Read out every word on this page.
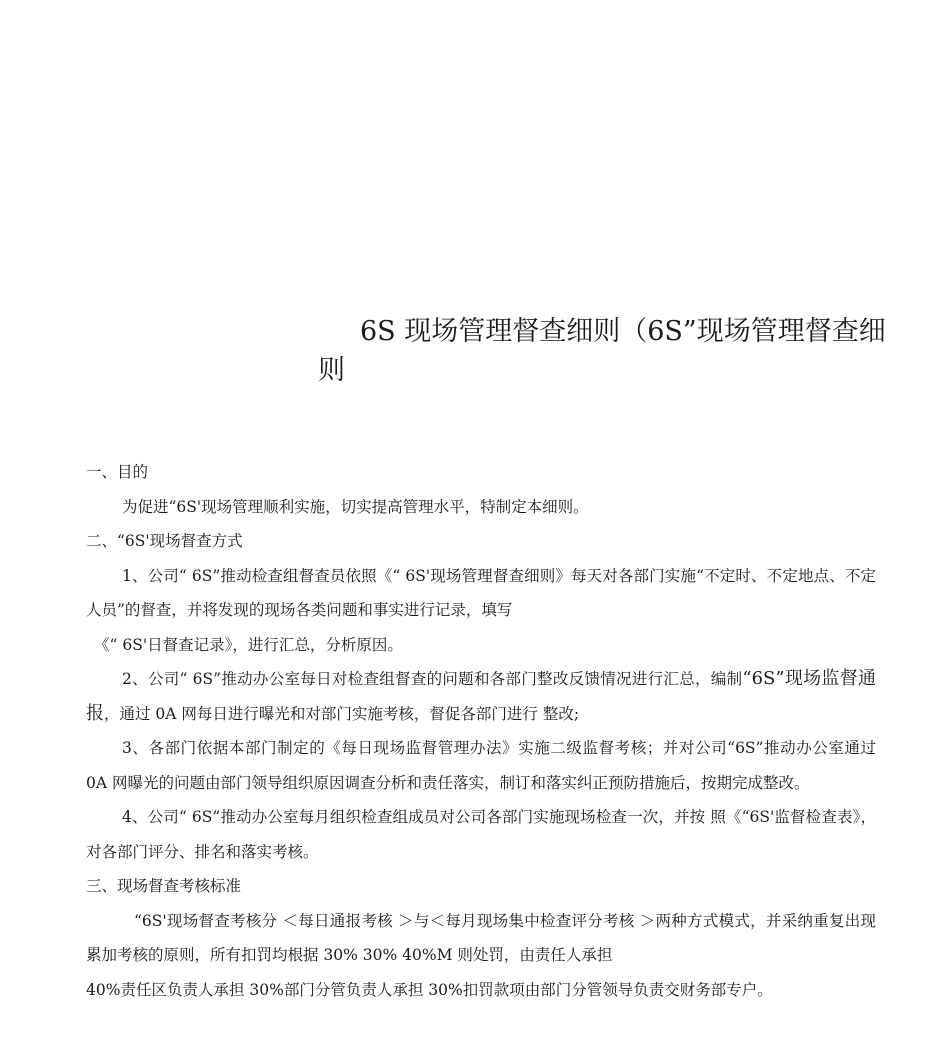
6S 现场管理督查细则（6S”现场管理督查细则

一、目的

为促进“6S'现场管理顺利实施，切实提高管理水平，特制定本细则。

二、“6S'现场督查方式

1、公司“ 6S”推动检查组督查员依照《“ 6S'现场管理督查细则》每天对各部门实施“不定时、不定地点、不定人员”的督查，并将发现的现场各类问题和事实进行记录，填写

《“ 6S'日督查记录》，进行汇总，分析原因。

2、公司“ 6S”推动办公室每日对检查组督查的问题和各部门整改反馈情况进行汇总，编制“6S”现场监督通报，通过 0A 网每日进行曝光和对部门实施考核，督促各部门进行 整改;

3、各部门依据本部门制定的《每日现场监督管理办法》实施二级监督考核；并对公司“6S”推动办公室通过 0A 网曝光的问题由部门领导组织原因调查分析和责任落实，制订和落实纠正预防措施后，按期完成整改。

4、公司“ 6S”推动办公室每月组织检查组成员对公司各部门实施现场检查一次，并按 照《“6S'监督检查表》，对各部门评分、排名和落实考核。

三、现场督查考核标准

“6S'现场督查考核分 ＜每日通报考核 ＞与＜每月现场集中检查评分考核 ＞两种方式模式，并采纳重复出现累加考核的原则，所有扣罚均根据 30% 30% 40%M 则处罚，由责任人承担

40%责任区负责人承担 30%部门分管负责人承担 30%扣罚款项由部门分管领导负责交财务部专户。
